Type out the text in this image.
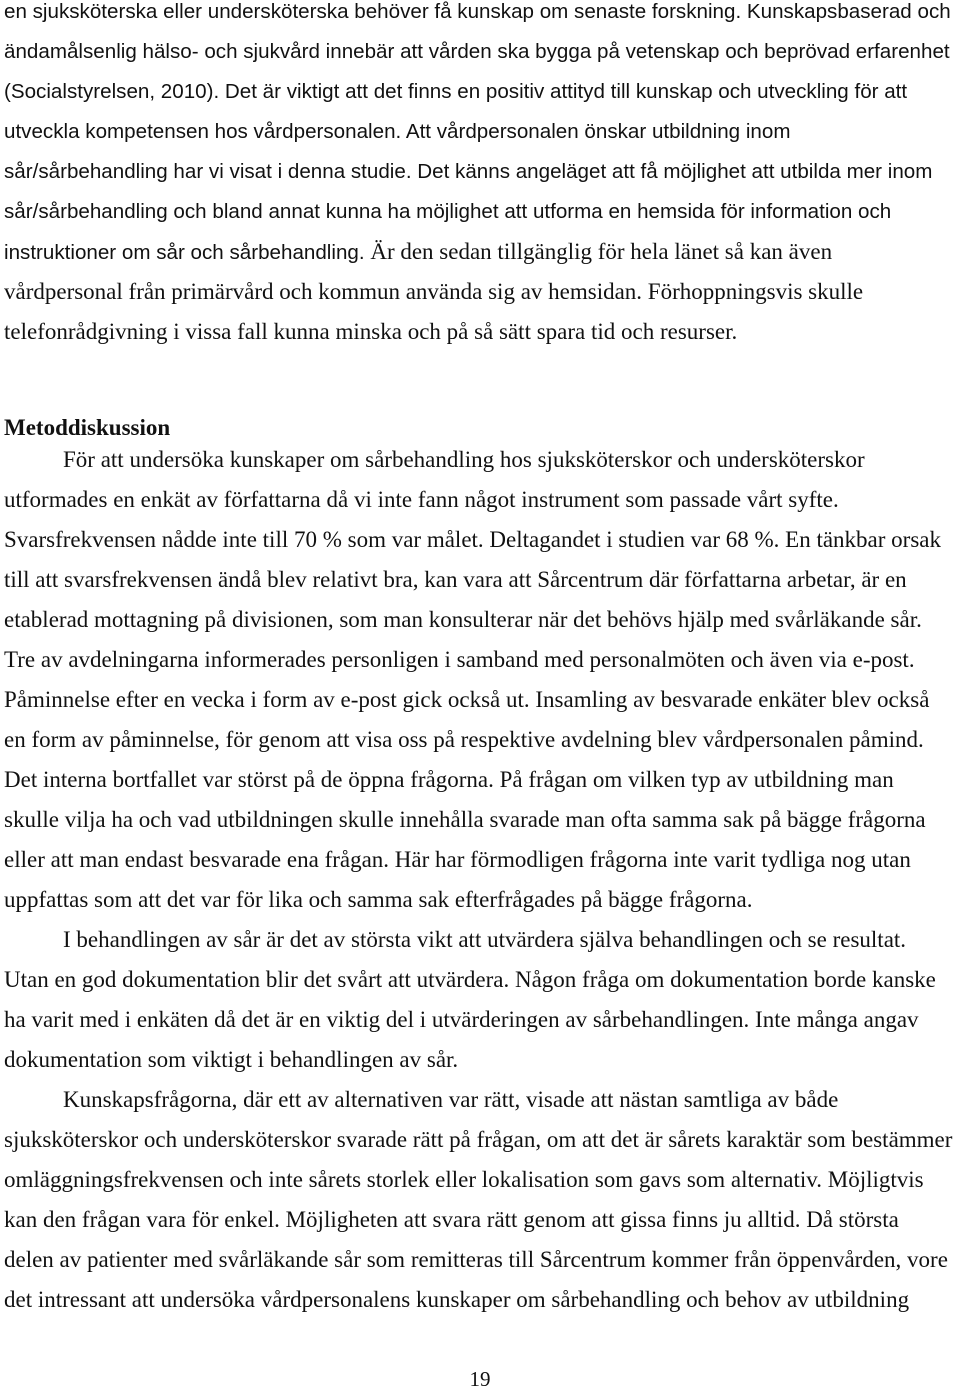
en sjuksköterska eller undersköterska behöver få kunskap om senaste forskning. Kunskapsbaserad och
ändamålsenlig hälso- och sjukvård innebär att vården ska bygga på vetenskap och beprövad erfarenhet
(Socialstyrelsen, 2010). Det är viktigt att det finns en positiv attityd till kunskap och utveckling för att
utveckla kompetensen hos vårdpersonalen. Att vårdpersonalen önskar utbildning inom
sår/sårbehandling har vi visat i denna studie. Det känns angeläget att få möjlighet att utbilda mer inom
sår/sårbehandling och bland annat kunna ha möjlighet att utforma en hemsida för information och
instruktioner om sår och sårbehandling. Är den sedan tillgänglig för hela länet så kan även
vårdpersonal från primärvård och kommun använda sig av hemsidan. Förhoppningsvis skulle
telefonrådgivning i vissa fall kunna minska och på så sätt spara tid och resurser.
Metoddiskussion
För att undersöka kunskaper om sårbehandling hos sjuksköterskor och undersköterskor
utformades en enkät av författarna då vi inte fann något instrument som passade vårt syfte.
Svarsfrekvensen nådde inte till 70 % som var målet. Deltagandet i studien var 68 %. En tänkbar orsak
till att svarsfrekvensen ändå blev relativt bra, kan vara att Sårcentrum där författarna arbetar, är en
etablerad mottagning på divisionen, som man konsulterar när det behövs hjälp med svårläkande sår.
Tre av avdelningarna informerades personligen i samband med personalmöten och även via e-post.
Påminnelse efter en vecka i form av e-post gick också ut. Insamling av besvarade enkäter blev också
en form av påminnelse, för genom att visa oss på respektive avdelning blev vårdpersonalen påmind.
Det interna bortfallet var störst på de öppna frågorna. På frågan om vilken typ av utbildning man
skulle vilja ha och vad utbildningen skulle innehålla svarade man ofta samma sak på bägge frågorna
eller att man endast besvarade ena frågan. Här har förmodligen frågorna inte varit tydliga nog utan
uppfattas som att det var för lika och samma sak efterfrågades på bägge frågorna.
I behandlingen av sår är det av största vikt att utvärdera själva behandlingen och se resultat.
Utan en god dokumentation blir det svårt att utvärdera. Någon fråga om dokumentation borde kanske
ha varit med i enkäten då det är en viktig del i utvärderingen av sårbehandlingen. Inte många angav
dokumentation som viktigt i behandlingen av sår.
Kunskapsfrågorna, där ett av alternativen var rätt, visade att nästan samtliga av både
sjuksköterskor och undersköterskor svarade rätt på frågan, om att det är sårets karaktär som bestämmer
omläggningsfrekvensen och inte sårets storlek eller lokalisation som gavs som alternativ. Möjligtvis
kan den frågan vara för enkel. Möjligheten att svara rätt genom att gissa finns ju alltid. Då största
delen av patienter med svårläkande sår som remitteras till Sårcentrum kommer från öppenvården, vore
det intressant att undersöka vårdpersonalens kunskaper om sårbehandling och behov av utbildning
19
